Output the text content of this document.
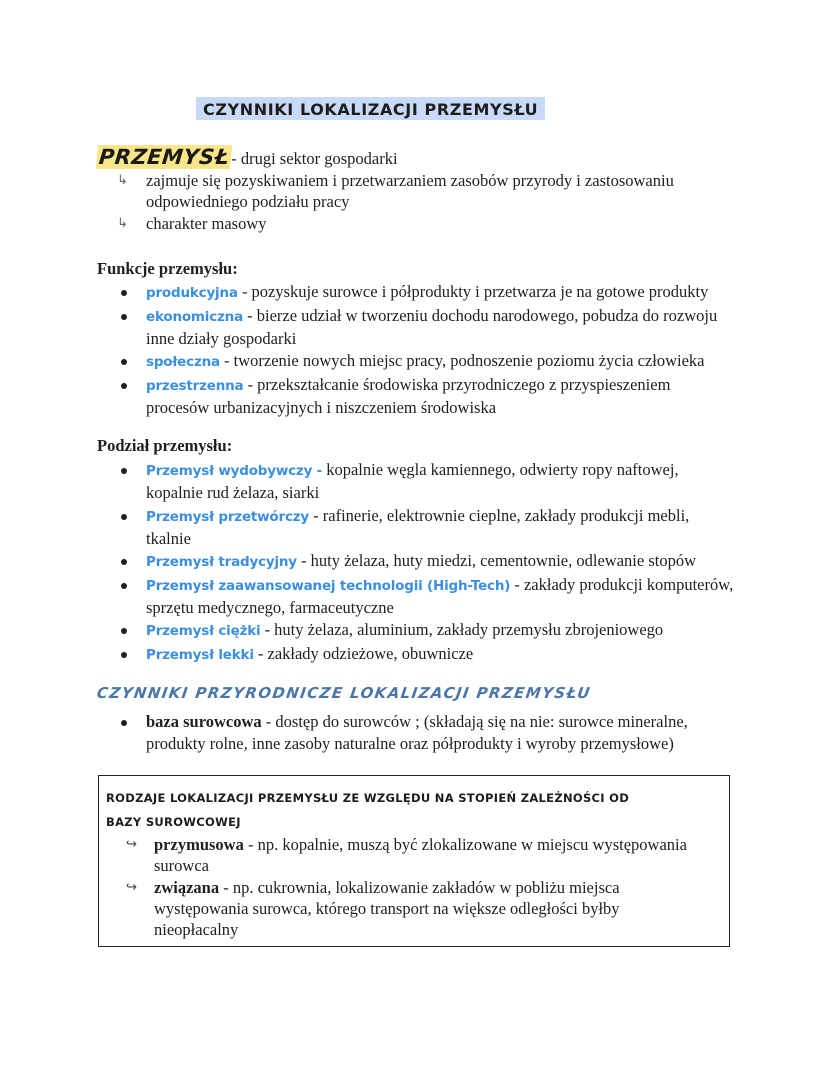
CZYNNIKI LOKALIZACJI PRZEMYSŁU
PRZEMYSŁ- drugi sektor gospodarki
↳ zajmuje się pozyskiwaniem i przetwarzaniem zasobów przyrody i zastosowaniu odpowiedniego podziału pracy
↳ charakter masowy
Funkcje przemysłu:
produkcyjna - pozyskuje surowce i półprodukty i przetwarza je na gotowe produkty
ekonomiczna - bierze udział w tworzeniu dochodu narodowego, pobudza do rozwoju inne działy gospodarki
społeczna - tworzenie nowych miejsc pracy, podnoszenie poziomu życia człowieka
przestrzenna - przekształcanie środowiska przyrodniczego z przyspieszeniem procesów urbanizacyjnych i niszczeniem środowiska
Podział przemysłu:
Przemysł wydobywczy - kopalnie węgla kamiennego, odwierty ropy naftowej, kopalnie rud żelaza, siarki
Przemysł przetwórczy - rafinerie, elektrownie cieplne, zakłady produkcji mebli, tkalnie
Przemysł tradycyjny - huty żelaza, huty miedzi, cementownie, odlewanie stopów
Przemysł zaawansowanej technologii (High-Tech) - zakłady produkcji komputerów, sprzętu medycznego, farmaceutyczne
Przemysł ciężki - huty żelaza, aluminium, zakłady przemysłu zbrojeniowego
Przemysł lekki - zakłady odzieżowe, obuwnicze
CZYNNIKI PRZYRODNICZE LOKALIZACJI PRZEMYSŁU
baza surowcowa - dostęp do surowców ; (składają się na nie: surowce mineralne, produkty rolne, inne zasoby naturalne oraz półprodukty i wyroby przemysłowe)
RODZAJE LOKALIZACJI PRZEMYSŁU ZE WZGLĘDU NA STOPIEŃ ZALEŻNOŚCI OD BAZY SUROWCOWEJ
↪ przymusowa - np. kopalnie, muszą być zlokalizowane w miejscu występowania surowca
↪ związana - np. cukrownia, lokalizowanie zakładów w pobliżu miejsca występowania surowca, którego transport na większe odległości byłby nieopłacalny
